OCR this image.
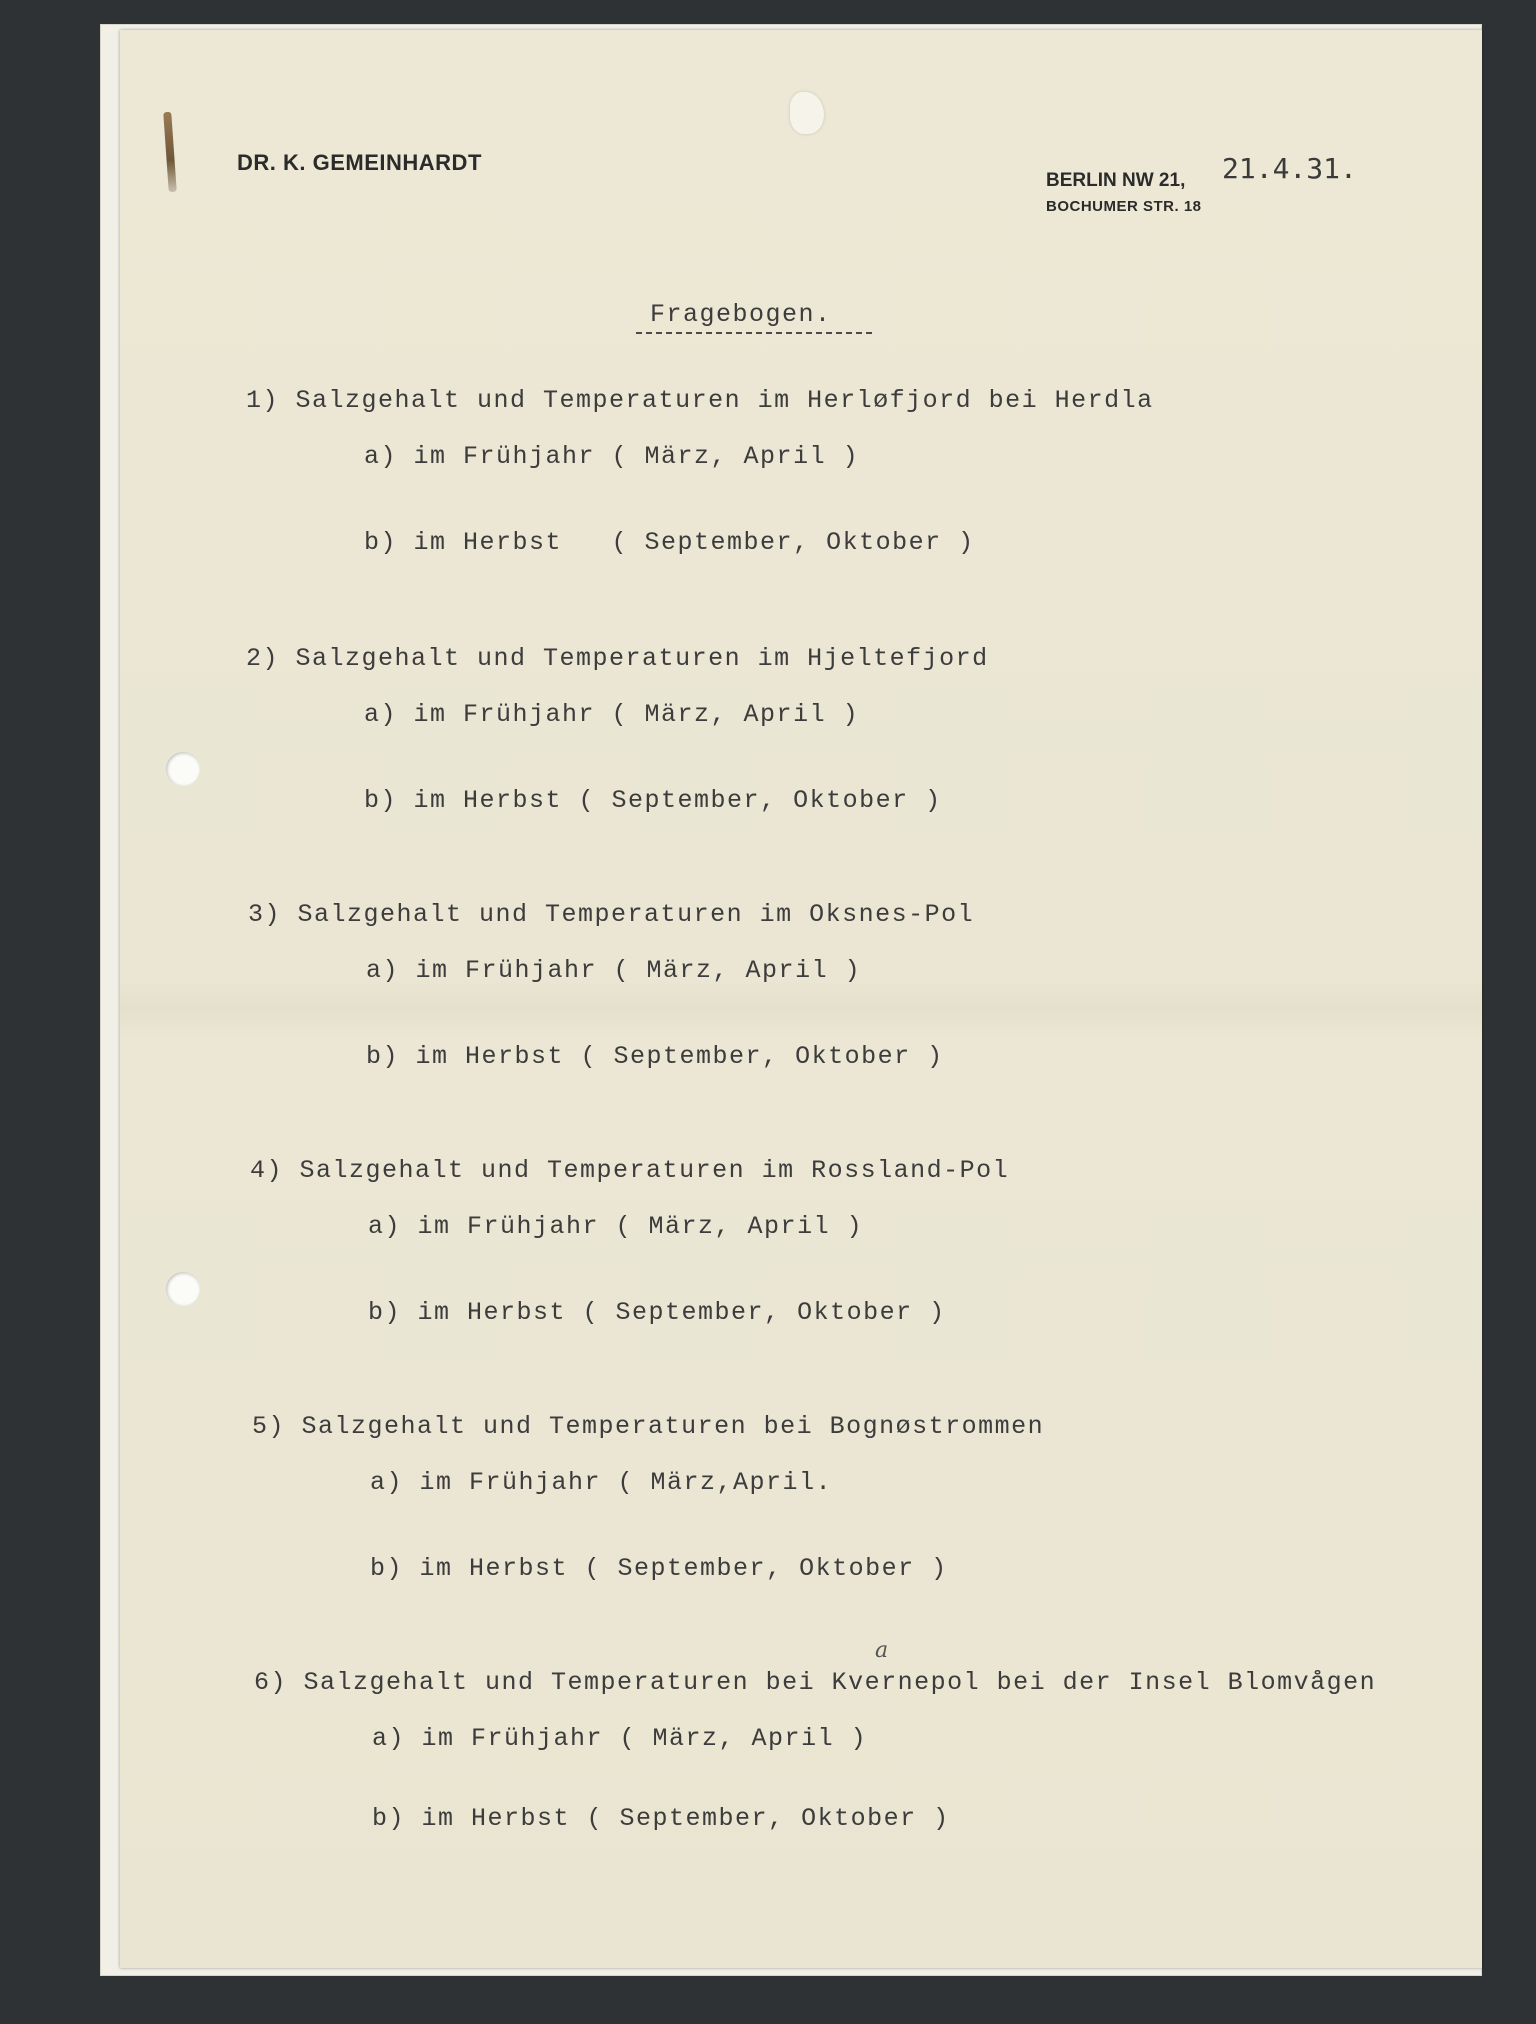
DR. K. GEMEINHARDT
BERLIN NW 21,
BOCHUMER STR. 18
21.4.31.
Fragebogen.
1) Salzgehalt und Temperaturen im Herløfjord bei Herdla
a) im Frühjahr ( März, April )
b) im Herbst   ( September, Oktober )
2) Salzgehalt und Temperaturen im Hjeltefjord
a) im Frühjahr ( März, April )
b) im Herbst ( September, Oktober )
3) Salzgehalt und Temperaturen im Oksnes-Pol
a) im Frühjahr ( März, April )
b) im Herbst ( September, Oktober )
4) Salzgehalt und Temperaturen im Rossland-Pol
a) im Frühjahr ( März, April )
b) im Herbst ( September, Oktober )
5) Salzgehalt und Temperaturen bei Bognøstrommen
a) im Frühjahr ( März,April.
b) im Herbst ( September, Oktober )
a
6) Salzgehalt und Temperaturen bei Kvernepol bei der Insel Blomvågen
a) im Frühjahr ( März, April )
b) im Herbst ( September, Oktober )
